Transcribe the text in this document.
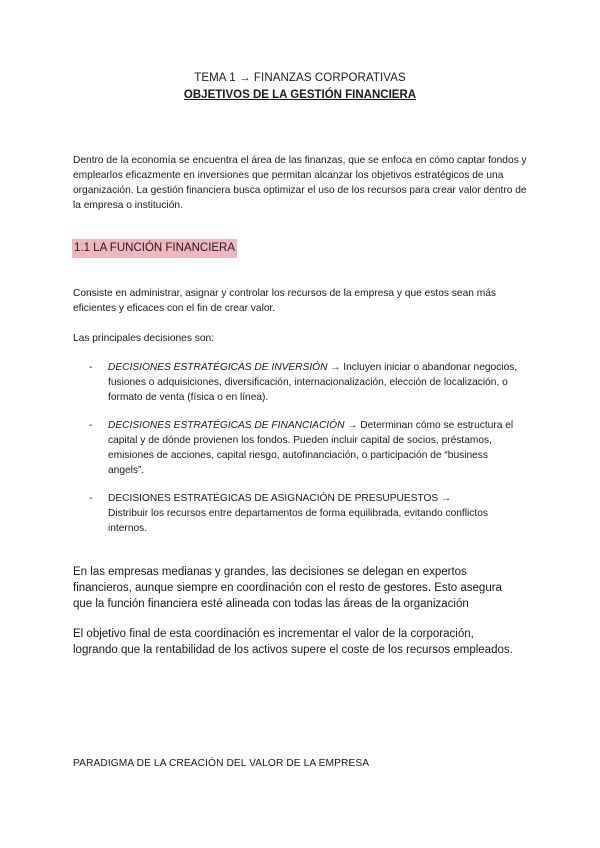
TEMA 1 → FINANZAS CORPORATIVAS
OBJETIVOS DE LA GESTIÓN FINANCIERA
Dentro de la economía se encuentra el área de las finanzas, que se enfoca en cómo captar fondos y emplearlos eficazmente en inversiones que permitan alcanzar los objetivos estratégicos de una organización. La gestión financiera busca optimizar el uso de los recursos para crear valor dentro de la empresa o institución.
1.1 LA FUNCIÓN FINANCIERA
Consiste en administrar, asignar y controlar los recursos de la empresa y que estos sean más eficientes y eficaces con el fin de crear valor.
Las principales decisiones son:
- DECISIONES ESTRATÉGICAS DE INVERSIÓN → Incluyen iniciar o abandonar negocios, fusiones o adquisiciones, diversificación, internacionalización, elección de localización, o formato de venta (física o en línea).
- DECISIONES ESTRATÉGICAS DE FINANCIACIÓN → Determinan cómo se estructura el capital y de dónde provienen los fondos. Pueden incluir capital de socios, préstamos, emisiones de acciones, capital riesgo, autofinanciación, o participación de “business angels”.
- DECISIONES ESTRATÉGICAS DE ASIGNACIÓN DE PRESUPUESTOS →
Distribuir los recursos entre departamentos de forma equilibrada, evitando conflictos internos.
En las empresas medianas y grandes, las decisiones se delegan en expertos financieros, aunque siempre en coordinación con el resto de gestores. Esto asegura que la función financiera esté alineada con todas las áreas de la organización
El objetivo final de esta coordinación es incrementar el valor de la corporación, logrando que la rentabilidad de los activos supere el coste de los recursos empleados.
PARADIGMA DE LA CREACIÓN DEL VALOR DE LA EMPRESA
